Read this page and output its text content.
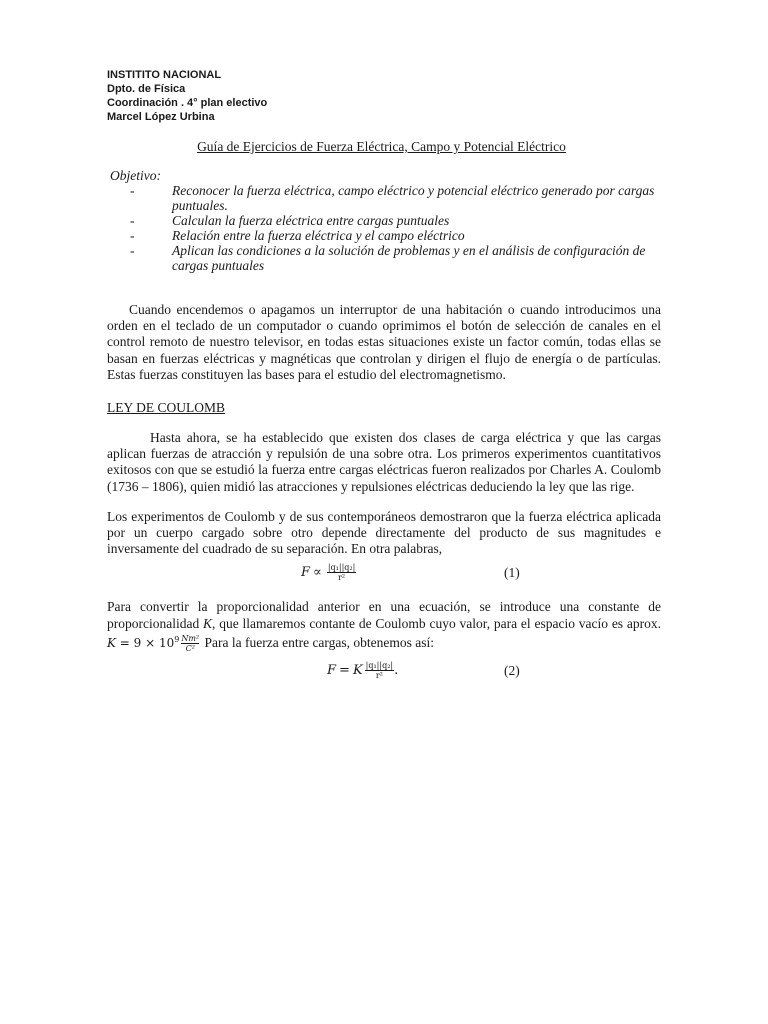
INSTITITO NACIONAL
Dpto. de Física
Coordinación . 4° plan electivo
Marcel López Urbina
Guía de Ejercicios de Fuerza Eléctrica, Campo y Potencial Eléctrico
Objetivo:
- Reconocer la fuerza eléctrica, campo eléctrico y potencial eléctrico generado por cargas puntuales.
- Calculan la fuerza eléctrica entre cargas puntuales
- Relación entre la fuerza eléctrica y el campo eléctrico
- Aplican las condiciones a la solución de problemas y en el análisis de configuración de cargas puntuales

Cuando encendemos o apagamos un interruptor de una habitación o cuando introducimos una orden en el teclado de un computador o cuando oprimimos el botón de selección de canales en el control remoto de nuestro televisor, en todas estas situaciones existe un factor común, todas ellas se basan en fuerzas eléctricas y magnéticas que controlan y dirigen el flujo de energía o de partículas. Estas fuerzas constituyen las bases para el estudio del electromagnetismo.

LEY DE COULOMB

Hasta ahora, se ha establecido que existen dos clases de carga eléctrica y que las cargas aplican fuerzas de atracción y repulsión de una sobre otra. Los primeros experimentos cuantitativos exitosos con que se estudió la fuerza entre cargas eléctricas fueron realizados por Charles A. Coulomb (1736 – 1806), quien midió las atracciones y repulsiones eléctricas deduciendo la ley que las rige.

Los experimentos de Coulomb y de sus contemporáneos demostraron que la fuerza eléctrica aplicada por un cuerpo cargado sobre otro depende directamente del producto de sus magnitudes e inversamente del cuadrado de su separación. En otra palabras,

$F \propto \frac{\text{|q₁||q₂|}}{\text{r²}}$	(1)

Para convertir la proporcionalidad anterior en una ecuación, se introduce una constante de proporcionalidad K, que llamaremos contante de Coulomb cuyo valor, para el espacio vacío es aprox. $K = 9 \times 10^9 \frac{\text{Nm²}}{\text{C²}}$ Para la fuerza entre cargas, obtenemos así:

F = K $\frac{\text{|q₁||q₂|}}{\text{r²}}$ .	(2)
